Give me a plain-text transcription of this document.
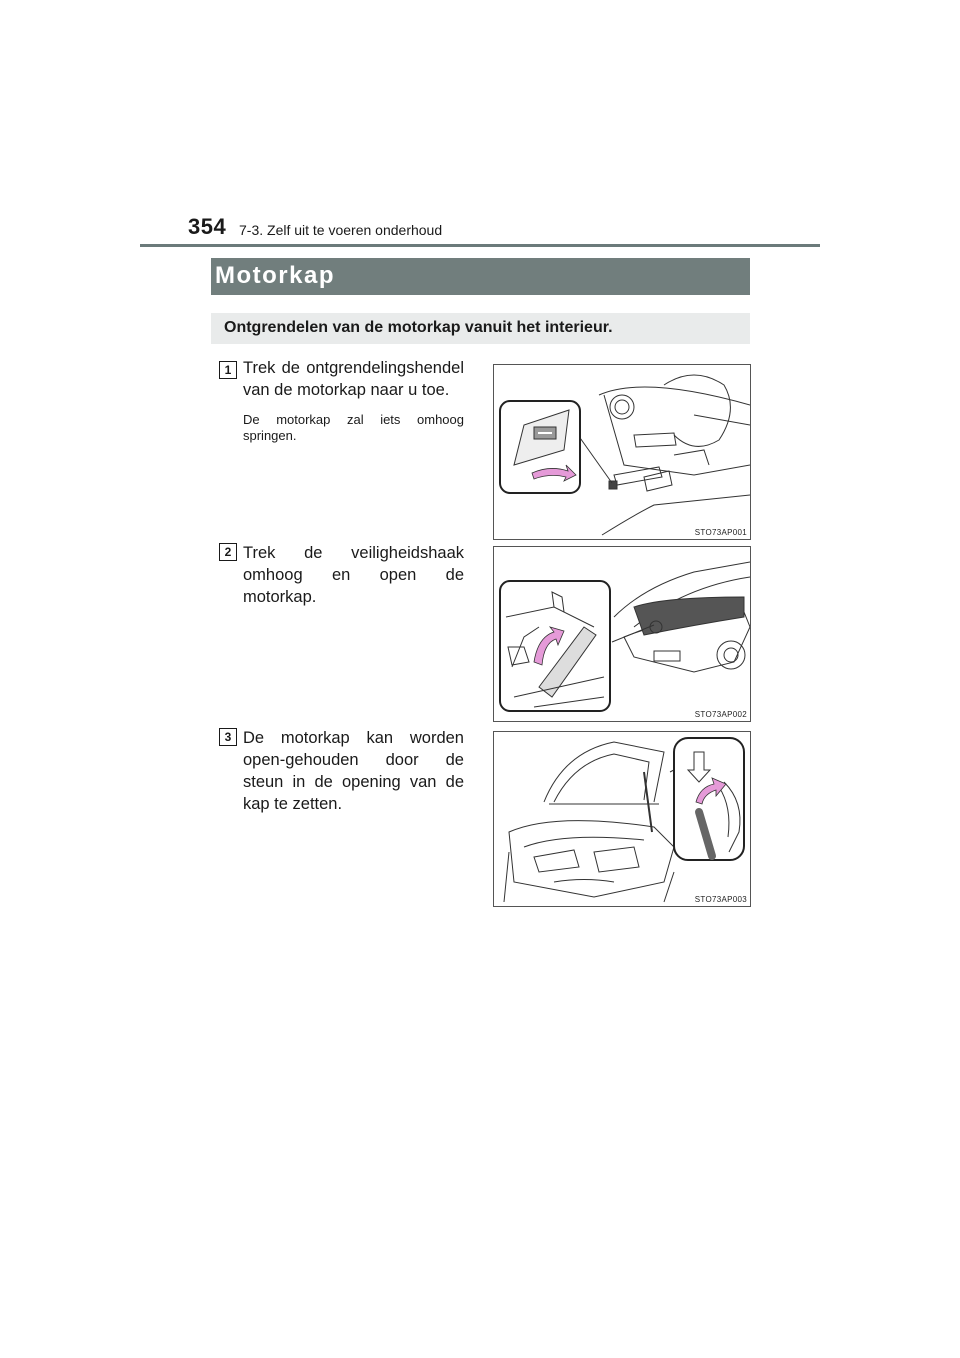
354 7-3. Zelf uit te voeren onderhoud
Motorkap
Ontgrendelen van de motorkap vanuit het interieur.
1 Trek de ontgrendelingshendel van de motorkap naar u toe.
De motorkap zal iets omhoog springen.
STO73AP001
2 Trek de veiligheidshaak omhoog en open de motorkap.
STO73AP002
3 De motorkap kan worden open-gehouden door de steun in de opening van de kap te zetten.
STO73AP003
